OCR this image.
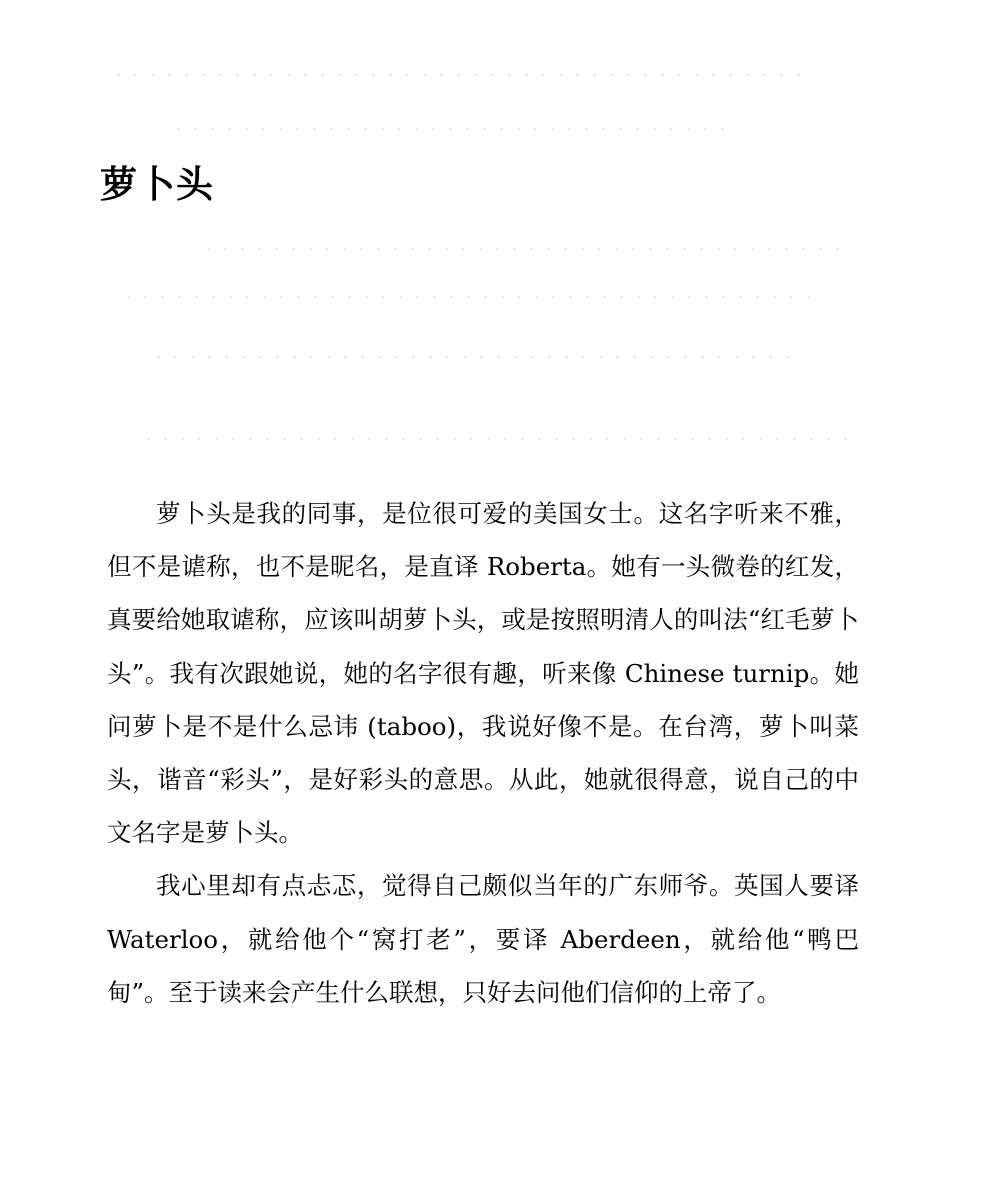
萝卜头

萝卜头是我的同事，是位很可爱的美国女士。这名字听来不雅，但不是谑称，也不是昵名，是直译 Roberta。她有一头微卷的红发，真要给她取谑称，应该叫胡萝卜头，或是按照明清人的叫法“红毛萝卜头”。我有次跟她说，她的名字很有趣，听来像 Chinese turnip。她问萝卜是不是什么忌讳 (taboo)，我说好像不是。在台湾，萝卜叫菜头，谐音“彩头”，是好彩头的意思。从此，她就很得意，说自己的中文名字是萝卜头。

我心里却有点忐忑，觉得自己颇似当年的广东师爷。英国人要译 Waterloo，就给他个“窝打老”，要译 Aberdeen，就给他“鸭巴甸”。至于读来会产生什么联想，只好去问他们信仰的上帝了。
